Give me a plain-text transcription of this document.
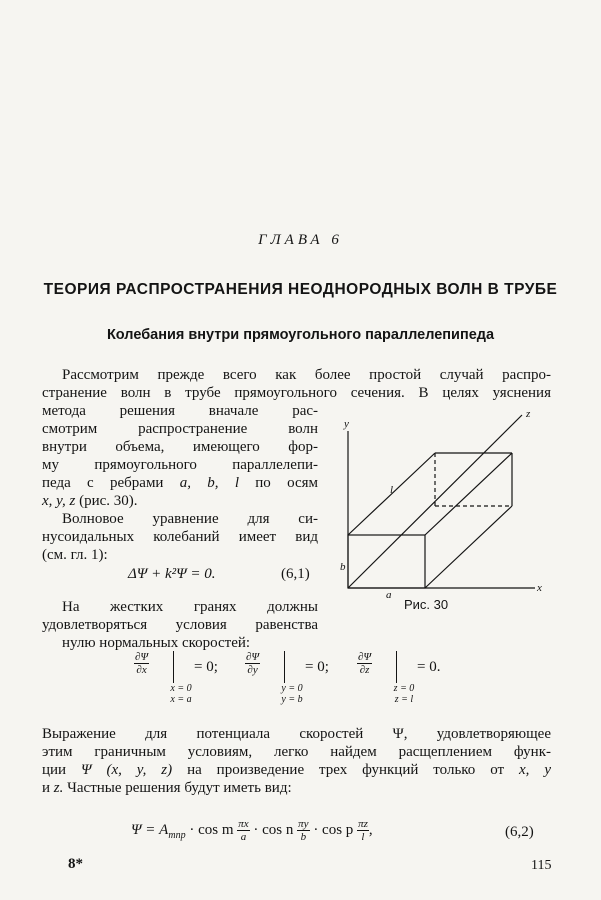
ГЛАВА 6
ТЕОРИЯ РАСПРОСТРАНЕНИЯ НЕОДНОРОДНЫХ ВОЛН В ТРУБЕ
Колебания внутри прямоугольного параллелепипеда
Рассмотрим прежде всего как более простой случай распро-
странение волн в трубе прямоугольного сечения. В целях уяснения
метода решения вначале рас-
смотрим распространение волн
внутри объема, имеющего фор-
му прямоугольного параллелепи-
педа с ребрами a, b, l по осям
x, y, z (рис. 30).
Волновое уравнение для си-
нусоидальных колебаний имеет вид
(см. гл. 1):
ΔΨ + k²Ψ = 0.	(6,1)
На жестких гранях должны
удовлетворяться условия равенства
нулю нормальных скоростей:
y
z
x
l
b
a
Рис. 30
$\frac{\partial\Psi}{\partial x}$
x = 0
x = a
= 0; $\frac{\partial\Psi}{\partial y}$
y = 0
y = b
= 0;	$\frac{\partial\Psi}{\partial z}$
z = 0
z = l
= 0.
Выражение для потенциала скоростей Ψ, удовлетворяющее
этим граничным условиям, легко найдем расщеплением функ-
ции Ψ (x, y, z) на произведение трех функций только от x, y
и z. Частные решения будут иметь вид:
$\Psi = A_{mnp} \cdot \cos m \frac{\pi x}{a} \cdot \cos n \frac{\pi y}{b} \cdot \cos p \frac{\pi z}{l}$ ,	(6,2)
8*	115
